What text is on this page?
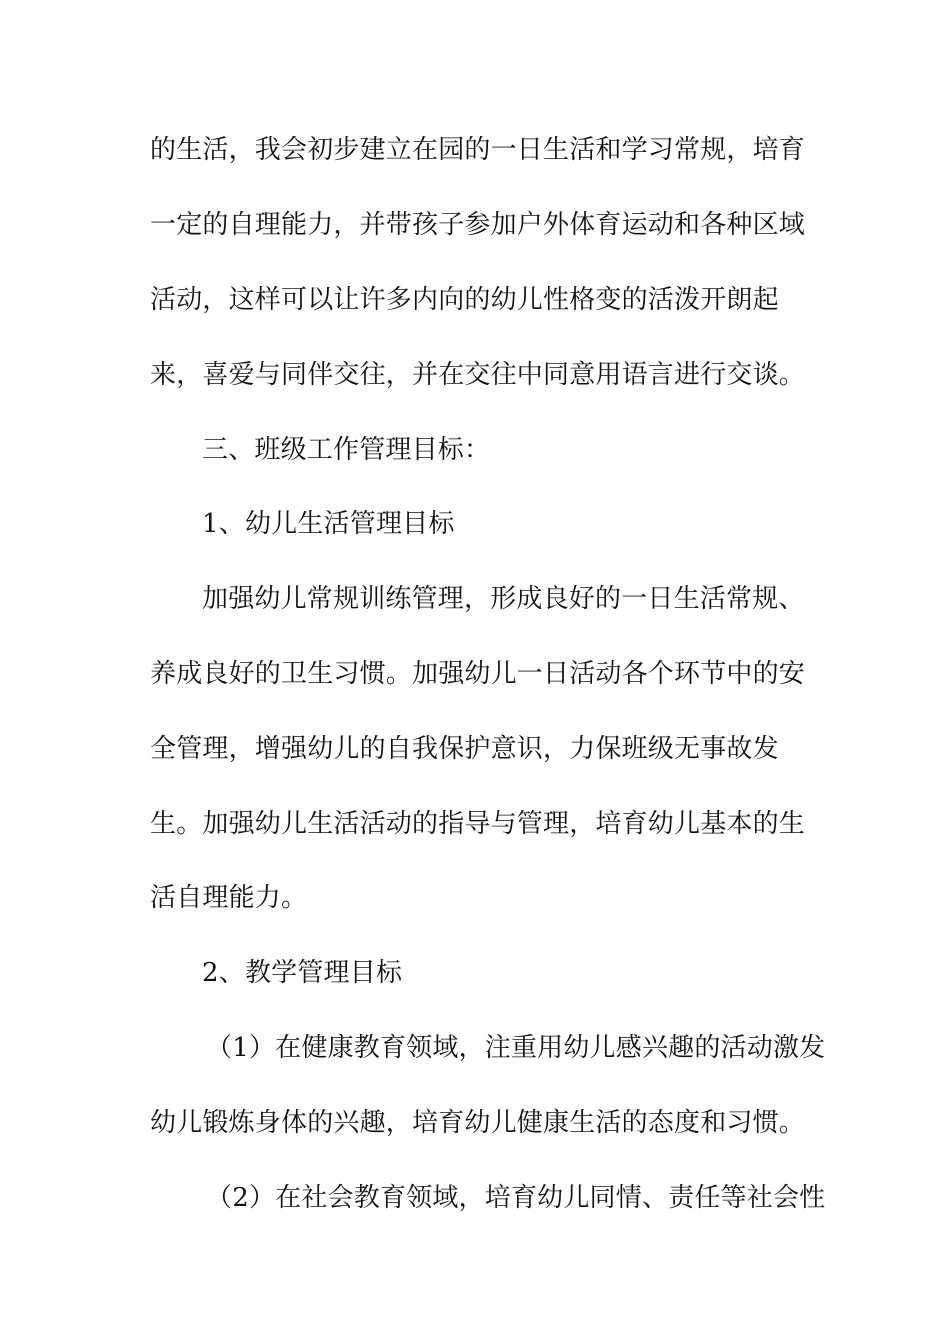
的生活，我会初步建立在园的一日生活和学习常规，培育
一定的自理能力，并带孩子参加户外体育运动和各种区域
活动，这样可以让许多内向的幼儿性格变的活泼开朗起
来，喜爱与同伴交往，并在交往中同意用语言进行交谈。
三、班级工作管理目标：
1、幼儿生活管理目标
加强幼儿常规训练管理，形成良好的一日生活常规、
养成良好的卫生习惯。加强幼儿一日活动各个环节中的安
全管理，增强幼儿的自我保护意识，力保班级无事故发
生。加强幼儿生活活动的指导与管理，培育幼儿基本的生
活自理能力。
2、教学管理目标
（1）在健康教育领域，注重用幼儿感兴趣的活动激发
幼儿锻炼身体的兴趣，培育幼儿健康生活的态度和习惯。
（2）在社会教育领域，培育幼儿同情、责任等社会性
